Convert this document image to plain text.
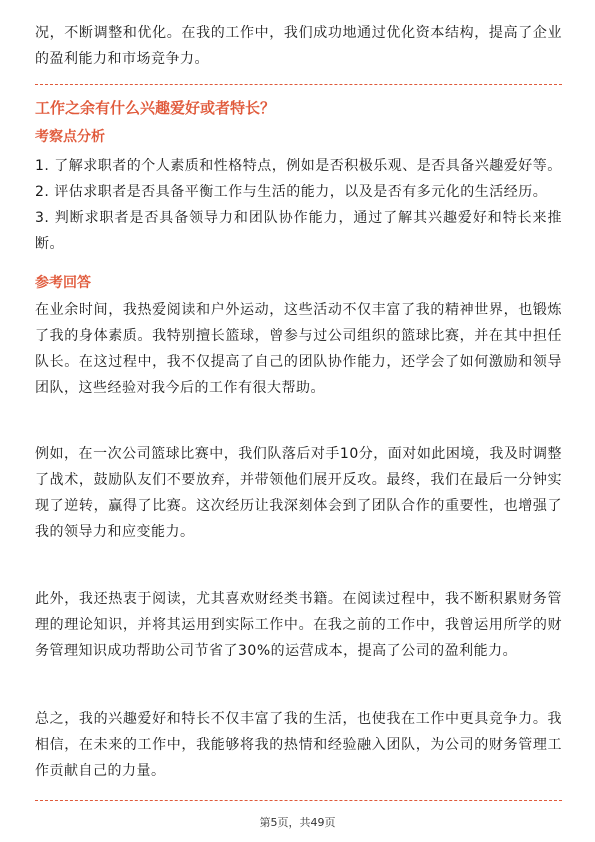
况，不断调整和优化。在我的工作中，我们成功地通过优化资本结构，提高了企业的盈利能力和市场竞争力。

工作之余有什么兴趣爱好或者特长？

考察点分析

1. 了解求职者的个人素质和性格特点，例如是否积极乐观、是否具备兴趣爱好等。
2. 评估求职者是否具备平衡工作与生活的能力，以及是否有多元化的生活经历。
3. 判断求职者是否具备领导力和团队协作能力，通过了解其兴趣爱好和特长来推断。

参考回答

在业余时间，我热爱阅读和户外运动，这些活动不仅丰富了我的精神世界，也锻炼了我的身体素质。我特别擅长篮球，曾参与过公司组织的篮球比赛，并在其中担任队长。在这过程中，我不仅提高了自己的团队协作能力，还学会了如何激励和领导团队，这些经验对我今后的工作有很大帮助。

例如，在一次公司篮球比赛中，我们队落后对手10分，面对如此困境，我及时调整了战术，鼓励队友们不要放弃，并带领他们展开反攻。最终，我们在最后一分钟实现了逆转，赢得了比赛。这次经历让我深刻体会到了团队合作的重要性，也增强了我的领导力和应变能力。

此外，我还热衷于阅读，尤其喜欢财经类书籍。在阅读过程中，我不断积累财务管理的理论知识，并将其运用到实际工作中。在我之前的工作中，我曾运用所学的财务管理知识成功帮助公司节省了30%的运营成本，提高了公司的盈利能力。

总之，我的兴趣爱好和特长不仅丰富了我的生活，也使我在工作中更具竞争力。我相信，在未来的工作中，我能够将我的热情和经验融入团队，为公司的财务管理工作贡献自己的力量。

第5页，共49页
